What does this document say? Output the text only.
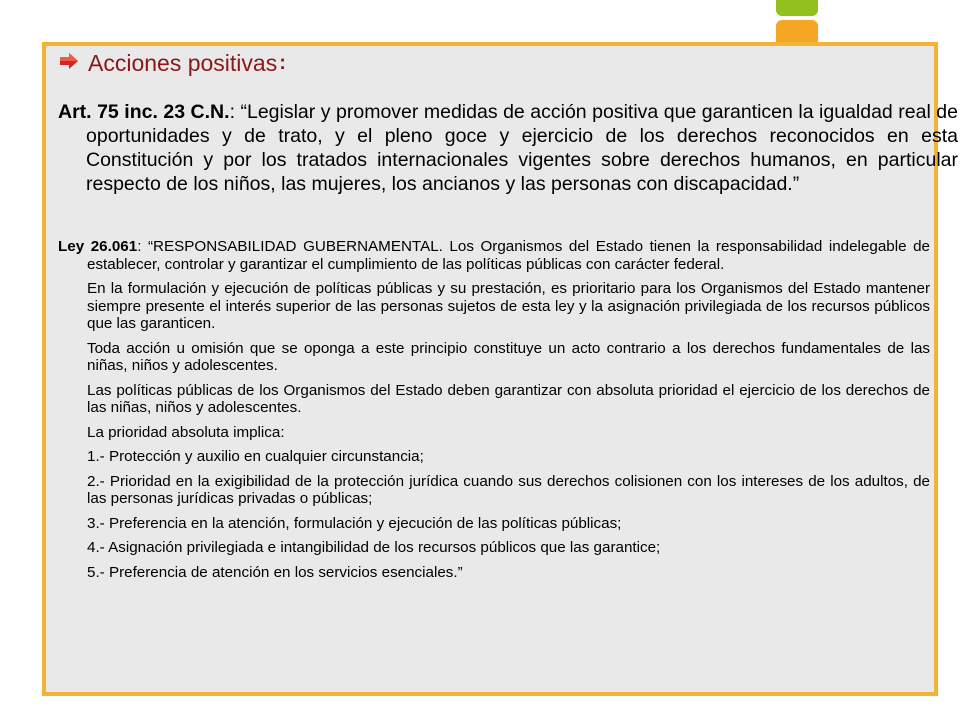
Acciones positivas :
Art. 75 inc. 23 C.N.: “Legislar y promover medidas de acción positiva que garanticen la igualdad real de oportunidades y de trato, y el pleno goce y ejercicio de los derechos reconocidos en esta Constitución y por los tratados internacionales vigentes sobre derechos humanos, en particular respecto de los niños, las mujeres, los ancianos y las personas con discapacidad.”

Ley 26.061: “RESPONSABILIDAD GUBERNAMENTAL. Los Organismos del Estado tienen la responsabilidad indelegable de establecer, controlar y garantizar el cumplimiento de las políticas públicas con carácter federal.

En la formulación y ejecución de políticas públicas y su prestación, es prioritario para los Organismos del Estado mantener siempre presente el interés superior de las personas sujetos de esta ley y la asignación privilegiada de los recursos públicos que las garanticen.

Toda acción u omisión que se oponga a este principio constituye un acto contrario a los derechos fundamentales de las niñas, niños y adolescentes.

Las políticas públicas de los Organismos del Estado deben garantizar con absoluta prioridad el ejercicio de los derechos de las niñas, niños y adolescentes.

La prioridad absoluta implica:

1.- Protección y auxilio en cualquier circunstancia;

2.- Prioridad en la exigibilidad de la protección jurídica cuando sus derechos colisionen con los intereses de los adultos, de las personas jurídicas privadas o públicas;

3.- Preferencia en la atención, formulación y ejecución de las políticas públicas;

4.- Asignación privilegiada e intangibilidad de los recursos públicos que las garantice;

5.- Preferencia de atención en los servicios esenciales.”
